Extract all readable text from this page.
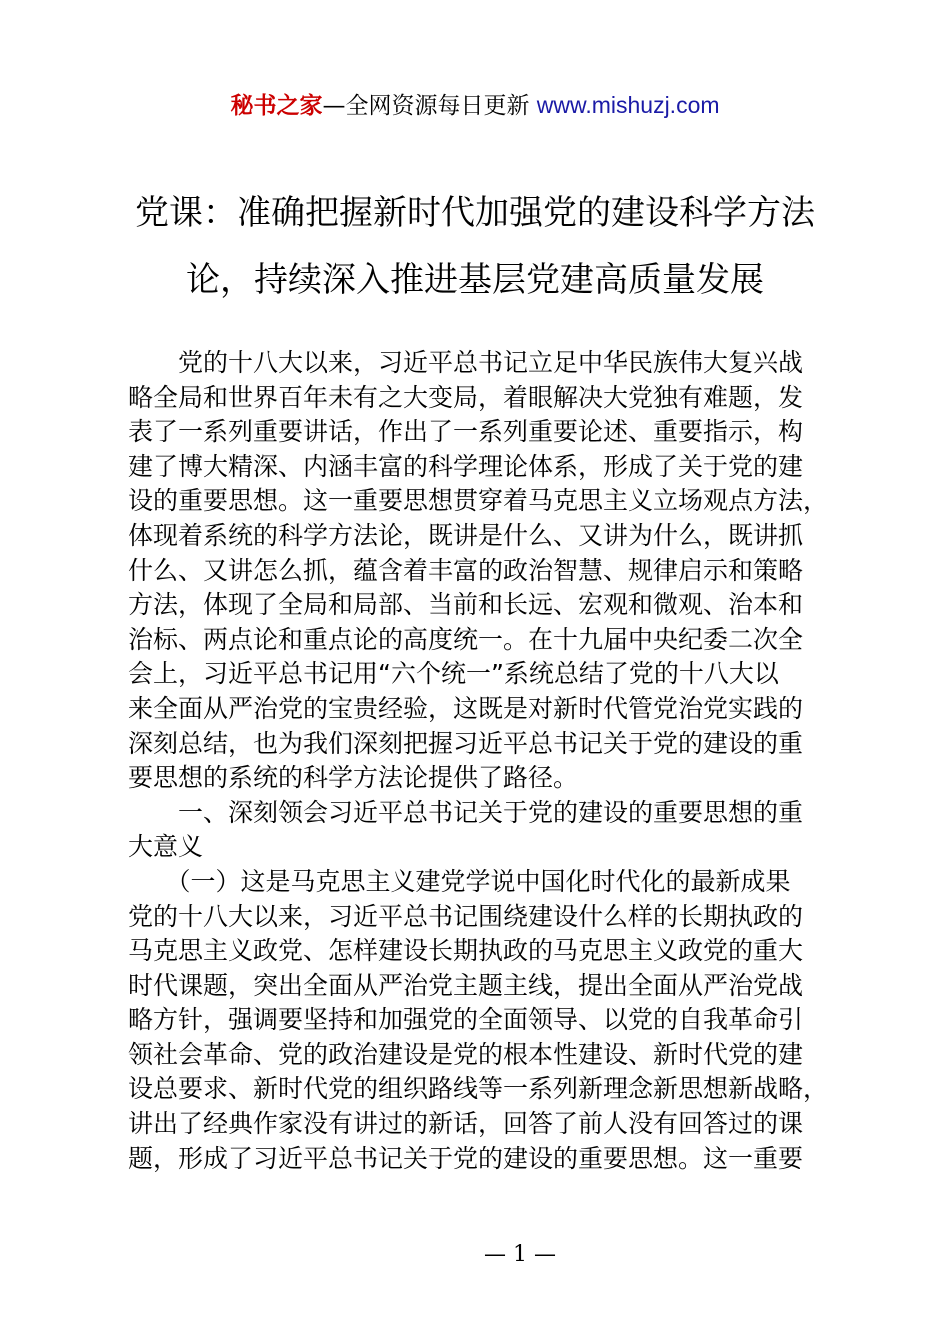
秘书之家—全网资源每日更新 www.mishuzj.com
党课：准确把握新时代加强党的建设科学方法
论，持续深入推进基层党建高质量发展
　　党的十八大以来，习近平总书记立足中华民族伟大复兴战
略全局和世界百年未有之大变局，着眼解决大党独有难题，发
表了一系列重要讲话，作出了一系列重要论述、重要指示，构
建了博大精深、内涵丰富的科学理论体系，形成了关于党的建
设的重要思想。这一重要思想贯穿着马克思主义立场观点方法，
体现着系统的科学方法论，既讲是什么、又讲为什么，既讲抓
什么、又讲怎么抓，蕴含着丰富的政治智慧、规律启示和策略
方法，体现了全局和局部、当前和长远、宏观和微观、治本和
治标、两点论和重点论的高度统一。在十九届中央纪委二次全
会上，习近平总书记用“六个统一”系统总结了党的十八大以
来全面从严治党的宝贵经验，这既是对新时代管党治党实践的
深刻总结，也为我们深刻把握习近平总书记关于党的建设的重
要思想的系统的科学方法论提供了路径。
　　一、深刻领会习近平总书记关于党的建设的重要思想的重
大意义
　　（一）这是马克思主义建党学说中国化时代化的最新成果
党的十八大以来，习近平总书记围绕建设什么样的长期执政的
马克思主义政党、怎样建设长期执政的马克思主义政党的重大
时代课题，突出全面从严治党主题主线，提出全面从严治党战
略方针，强调要坚持和加强党的全面领导、以党的自我革命引
领社会革命、党的政治建设是党的根本性建设、新时代党的建
设总要求、新时代党的组织路线等一系列新理念新思想新战略，
讲出了经典作家没有讲过的新话，回答了前人没有回答过的课
题，形成了习近平总书记关于党的建设的重要思想。这一重要
— 1 —
